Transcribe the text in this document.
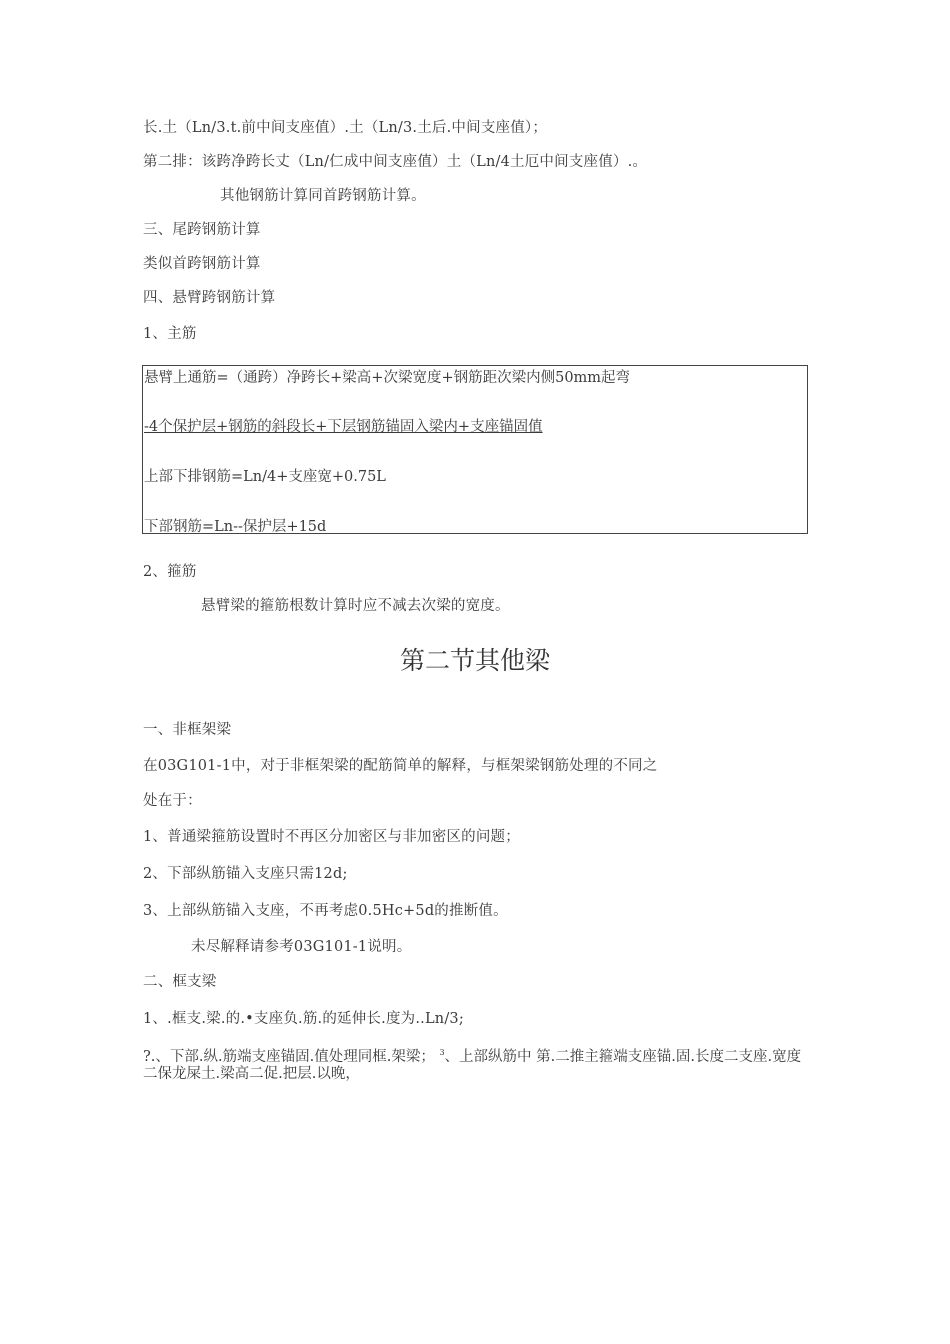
长.土（Ln/3.t.前中间支座值）.土（Ln/3.土后.中间支座值）；
第二排：该跨净跨长丈（Ln/仁成中间支座值）土（Ln/4土厄中间支座值）.。
其他钢筋计算同首跨钢筋计算。
三、尾跨钢筋计算
类似首跨钢筋计算
四、悬臂跨钢筋计算
1、主筋
悬臂上通筋=（通跨）净跨长+梁高+次梁宽度+钢筋距次梁内侧50mm起弯
-4个保护层+钢筋的斜段长+下层钢筋锚固入梁内+支座锚固值
上部下排钢筋=Ln/4+支座宽+0.75L
下部钢筋=Ln--保护层+15d
2、箍筋
悬臂梁的箍筋根数计算时应不减去次梁的宽度。
第二节其他梁
一、非框架梁
在03G101-1中，对于非框架梁的配筋简单的解释，与框架梁钢筋处理的不同之
处在于：
1、普通梁箍筋设置时不再区分加密区与非加密区的问题；
2、下部纵筋锚入支座只需12d;
3、上部纵筋锚入支座，不再考虑0.5Hc+5d的推断值。
未尽解释请参考03G101-1说明。
二、框支梁
1、.框支.梁.的.•支座负.筋.的延伸长.度为..Ln/3;
?.、下部.纵.筋端支座锚固.值处理同框.架梁； $^3$、上部纵筋中 第.二推主箍端支座锚.固.长度二支座.宽度二保龙屎土.梁高二促.把层.以晚，
